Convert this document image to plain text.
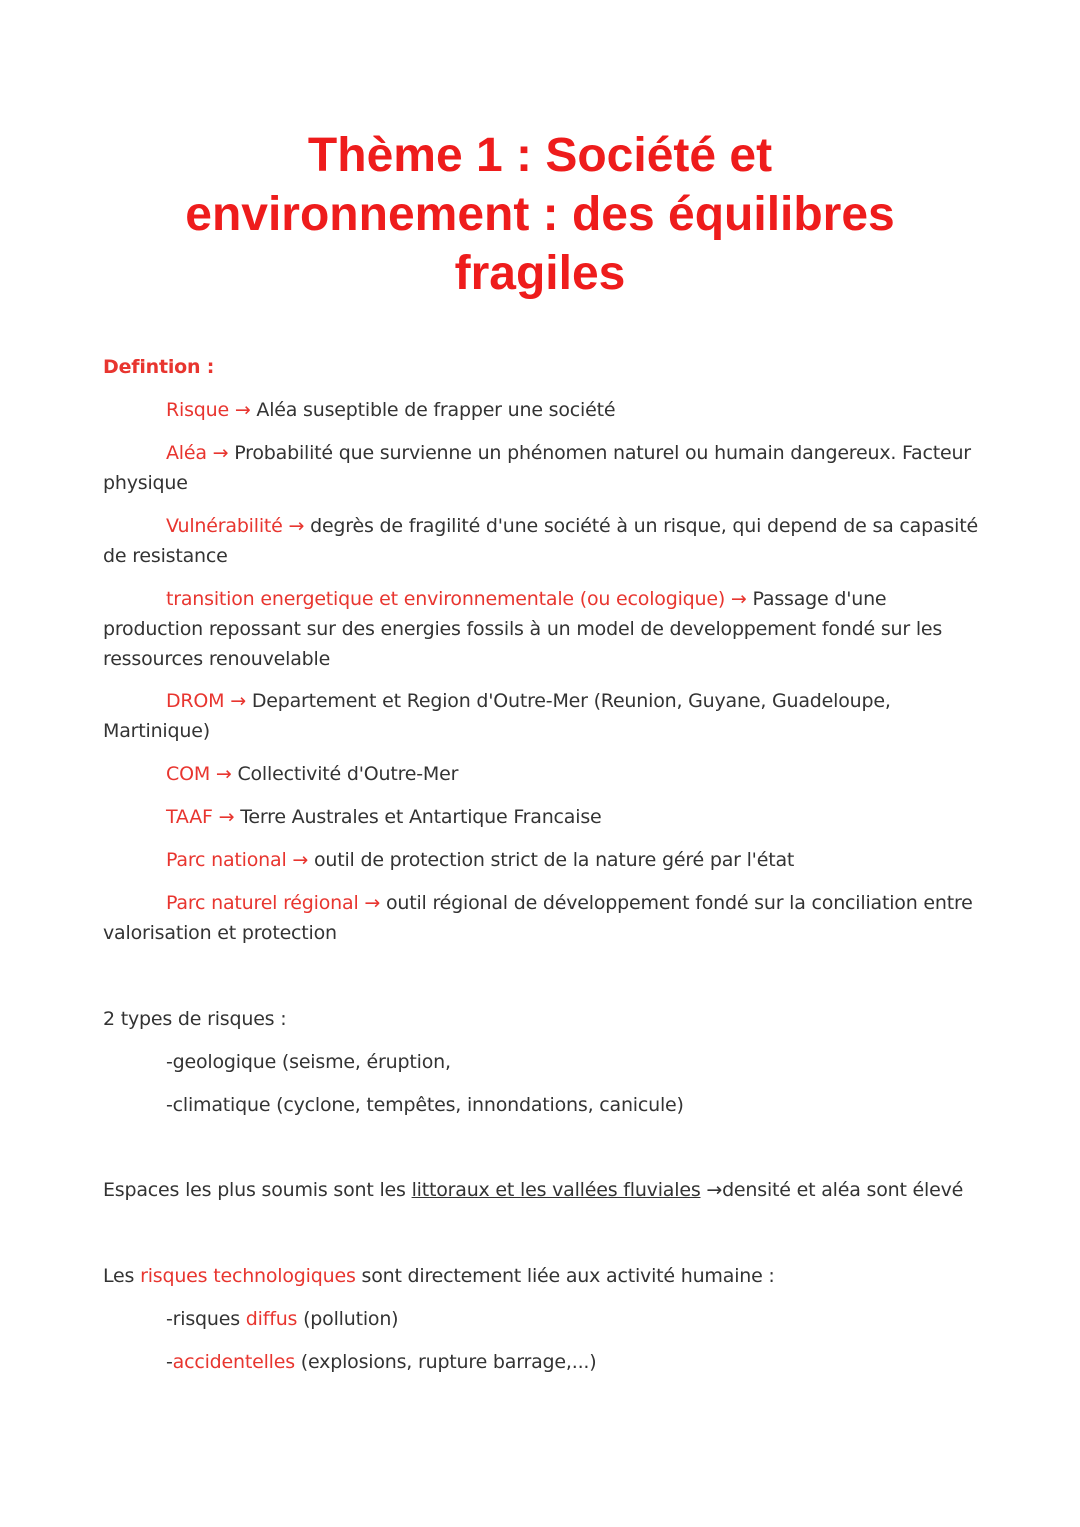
Thème 1 : Société et
environnement : des équilibres
fragiles
Defintion :
Risque → Aléa suseptible de frapper une société
Aléa → Probabilité que survienne un phénomen naturel ou humain dangereux. Facteur physique
Vulnérabilité → degrès de fragilité d'une société à un risque, qui depend de sa capasité de resistance
transition energetique et environnementale (ou ecologique) → Passage d'une production repossant sur des energies fossils à un model de developpement fondé sur les ressources renouvelable
DROM → Departement et Region d'Outre-Mer (Reunion, Guyane, Guadeloupe, Martinique)
COM → Collectivité d'Outre-Mer
TAAF → Terre Australes et Antartique Francaise
Parc national → outil de protection strict de la nature géré par l'état
Parc naturel régional → outil régional de développement fondé sur la conciliation entre valorisation et protection
2 types de risques :
-geologique (seisme, éruption,
-climatique (cyclone, tempêtes, innondations, canicule)
Espaces les plus soumis sont les littoraux et les vallées fluviales →densité et aléa sont élevé
Les risques technologiques sont directement liée aux activité humaine :
-risques diffus (pollution)
-accidentelles (explosions, rupture barrage,...)
